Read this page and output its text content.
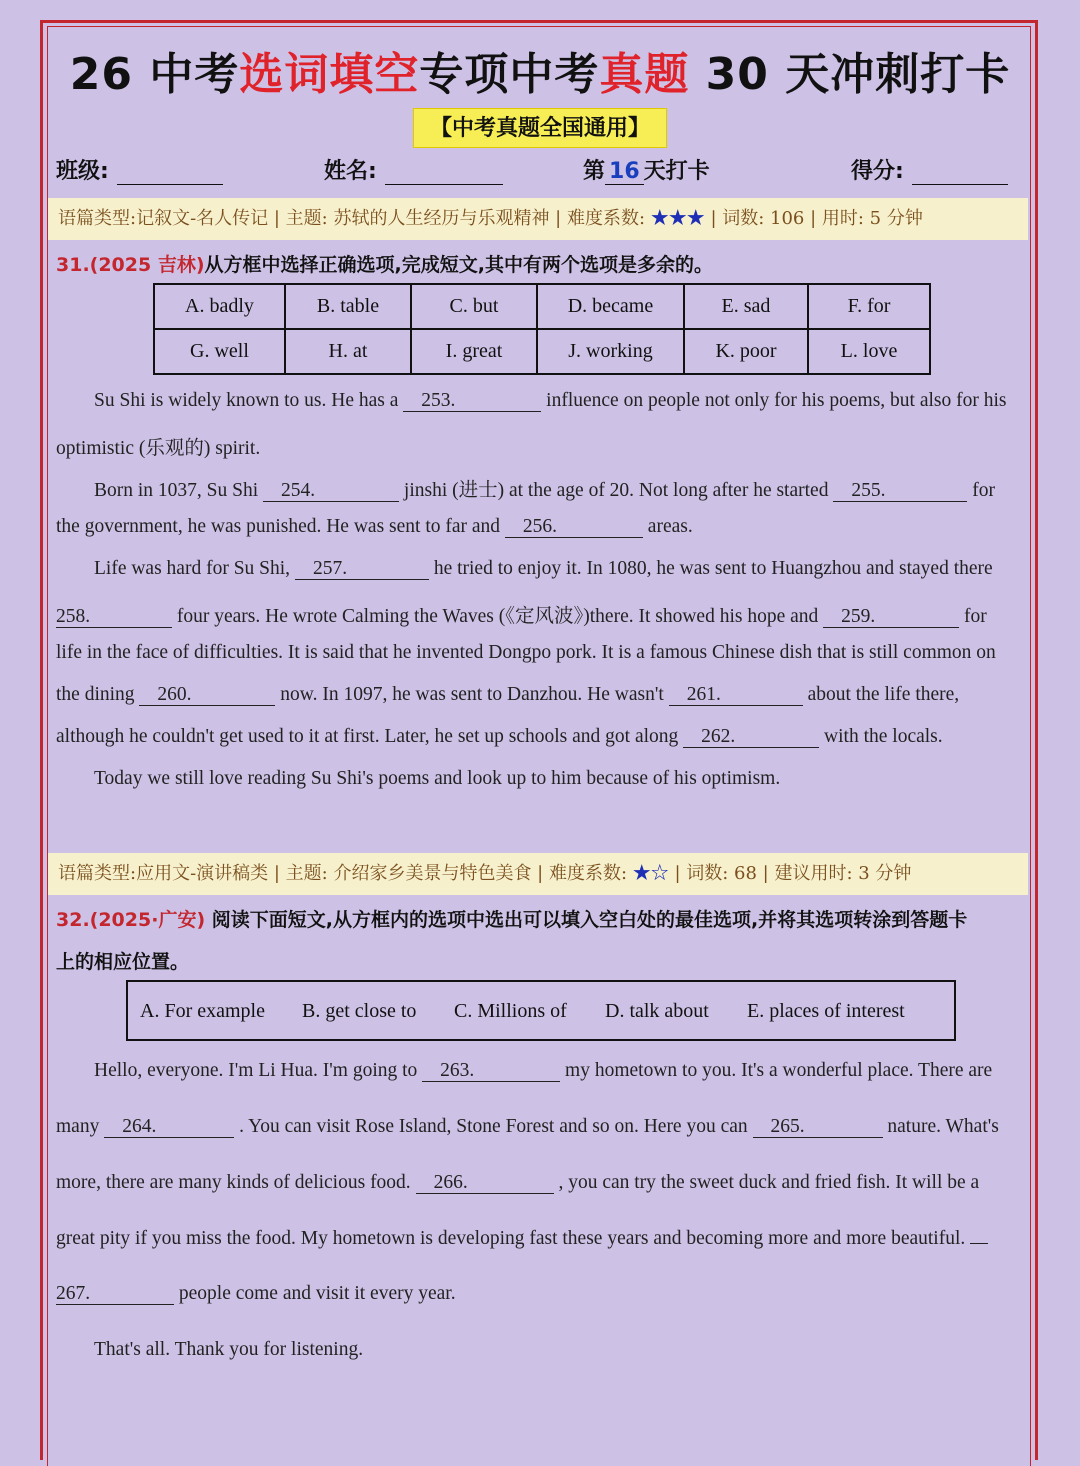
26 中考选词填空专项中考真题 30 天冲刺打卡
【中考真题全国通用】
班级:	姓名:	第 16 天打卡	得分:
语篇类型:记叙文-名人传记 | 主题: 苏轼的人生经历与乐观精神 | 难度系数: ★★★ | 词数: 106 | 用时: 5 分钟
31.(2025 吉林)从方框中选择正确选项,完成短文,其中有两个选项是多余的。
A. badly	B. table	C. but	D. became	E. sad	F. for
G. well	H. at	I. great	J. working	K. poor	L. love
Su Shi is widely known to us. He has a 253.	influence on people not only for his poems, but also for his
optimistic (乐观的) spirit.
Born in 1037, Su Shi 254.	jinshi (进士) at the age of 20. Not long after he started 255.	for
the government, he was punished. He was sent to far and 256.	areas.
Life was hard for Su Shi, 257.	he tried to enjoy it. In 1080, he was sent to Huangzhou and stayed there
258.	four years. He wrote Calming the Waves (《定风波》)there. It showed his hope and 259.	for
life in the face of difficulties. It is said that he invented Dongpo pork. It is a famous Chinese dish that is still common on
the dining 260.	now. In 1097, he was sent to Danzhou. He wasn't 261.	about the life there,
although he couldn't get used to it at first. Later, he set up schools and got along 262.	with the locals.
Today we still love reading Su Shi's poems and look up to him because of his optimism.
语篇类型:应用文-演讲稿类 | 主题: 介绍家乡美景与特色美食 | 难度系数: ★☆ | 词数: 68 | 建议用时: 3 分钟
32.(2025·广安) 阅读下面短文,从方框内的选项中选出可以填入空白处的最佳选项,并将其选项转涂到答题卡
上的相应位置。
A. For example B. get close to C. Millions of D. talk about E. places of interest
Hello, everyone. I'm Li Hua. I'm going to 263.	my hometown to you. It's a wonderful place. There are
many 264.	. You can visit Rose Island, Stone Forest and so on. Here you can 265.	nature. What's
more, there are many kinds of delicious food. 266.	, you can try the sweet duck and fried fish. It will be a
great pity if you miss the food. My hometown is developing fast these years and becoming more and more beautiful.
267.	people come and visit it every year.
That's all. Thank you for listening.
